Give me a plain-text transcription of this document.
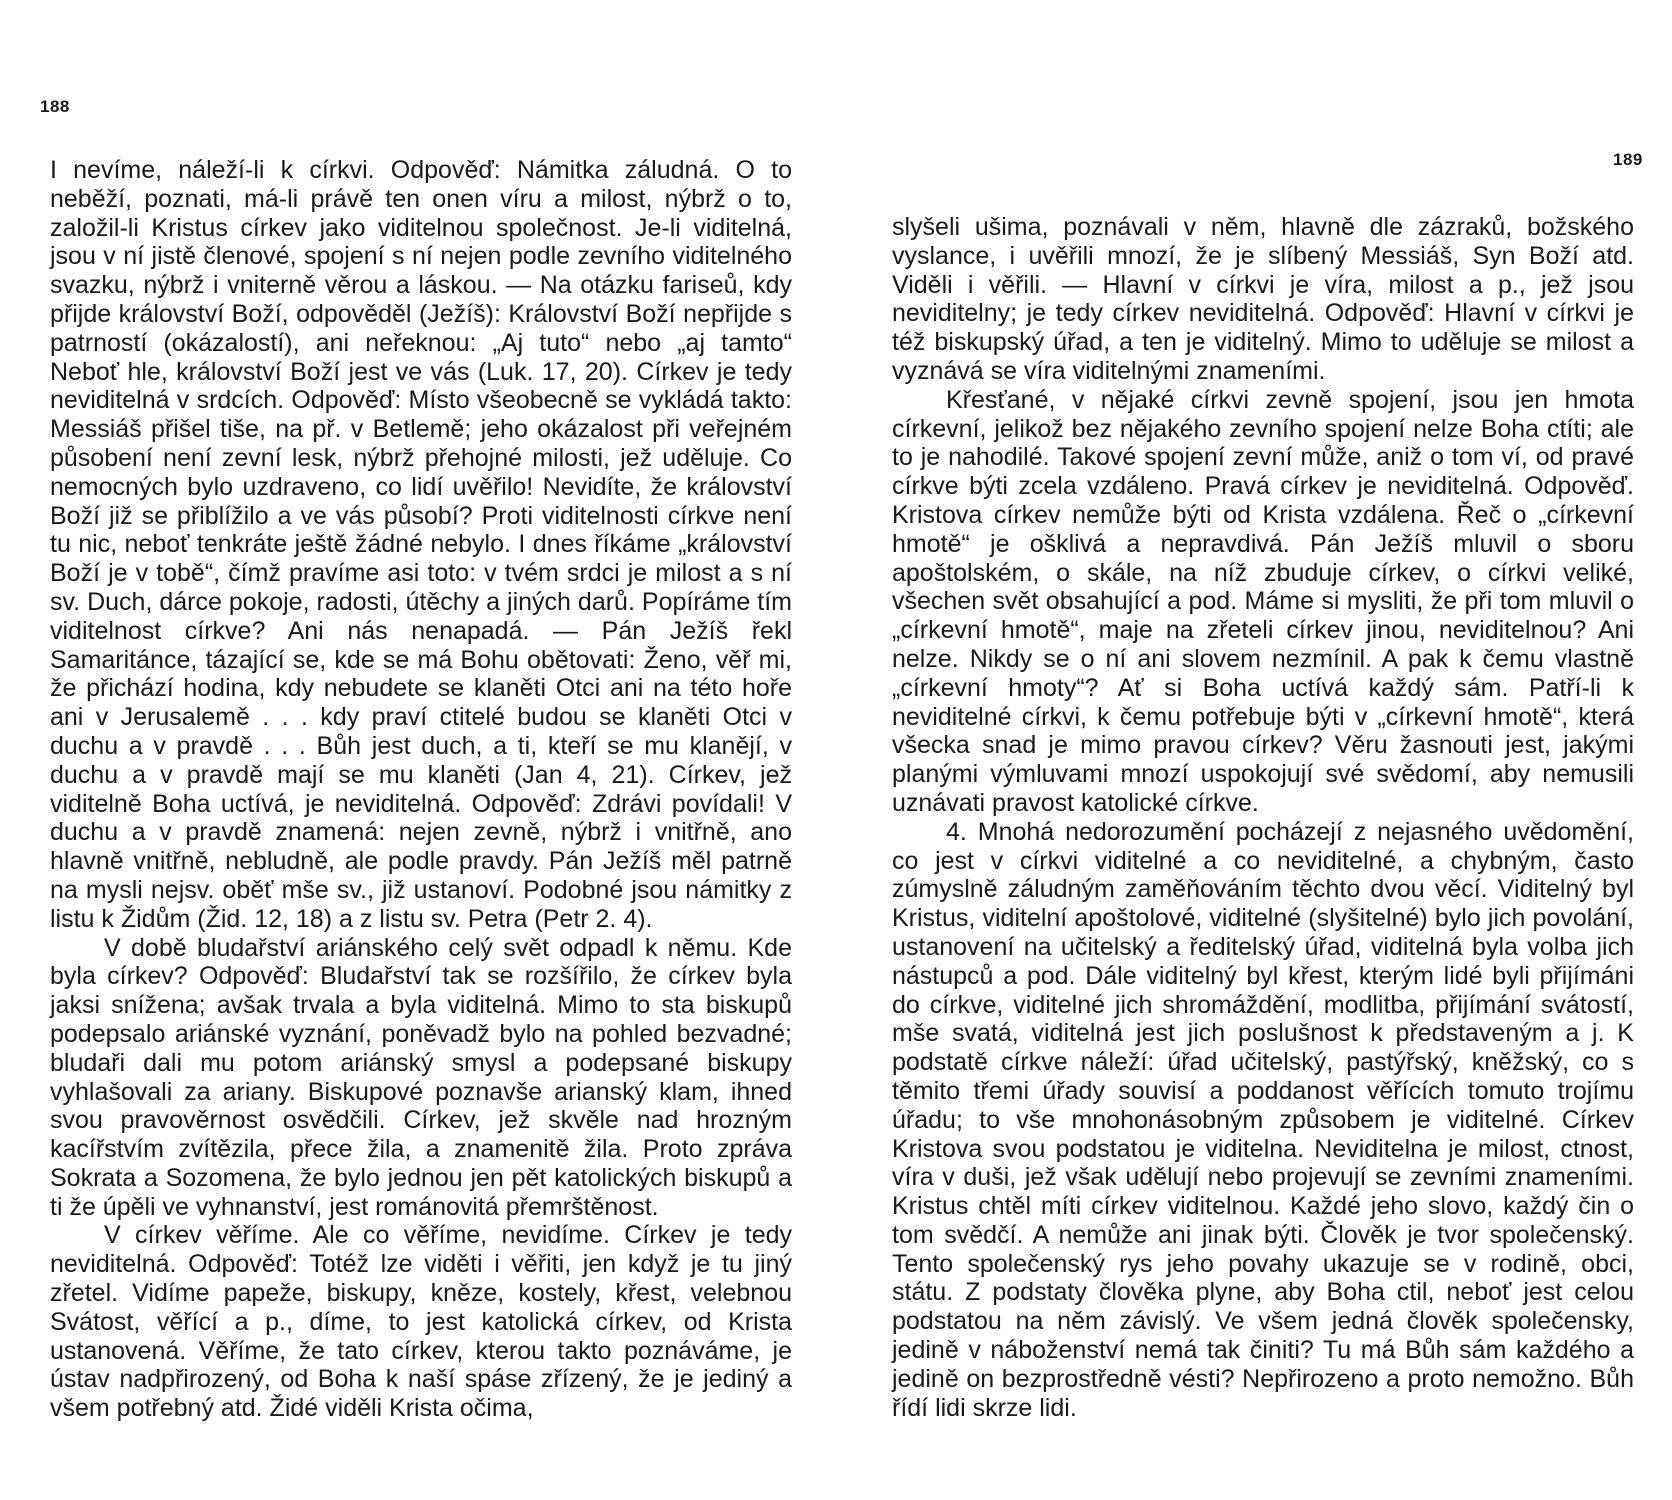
188
189

I nevíme, náleží-li k církvi. Odpověď: Námitka záludná. O to neběží, poznati, má-li právě ten onen víru a milost, nýbrž o to, založil-li Kristus církev jako viditelnou společnost. Je-li viditelná, jsou v ní jistě členové, spojení s ní nejen podle zevního viditelného svazku, nýbrž i vniterně věrou a láskou. — Na otázku fariseů, kdy přijde království Boží, odpověděl (Ježíš): Království Boží nepřijde s patrností (okázalostí), ani neřeknou: „Aj tuto“ nebo „aj tamto“ Neboť hle, království Boží jest ve vás (Luk. 17, 20). Církev je tedy neviditelná v srdcích. Odpověď: Místo všeobecně se vykládá takto: Messiáš přišel tiše, na př. v Betlemě; jeho okázalost při veřejném působení není zevní lesk, nýbrž přehojné milosti, jež uděluje. Co nemocných bylo uzdraveno, co lidí uvěřilo! Nevidíte, že království Boží již se přiblížilo a ve vás působí? Proti viditelnosti církve není tu nic, neboť tenkráte ještě žádné nebylo. I dnes říkáme „království Boží je v tobě“, čímž pravíme asi toto: v tvém srdci je milost a s ní sv. Duch, dárce pokoje, radosti, útěchy a jiných darů. Popíráme tím viditelnost církve? Ani nás nenapadá. — Pán Ježíš řekl Samaritánce, tázající se, kde se má Bohu obětovati: Ženo, věř mi, že přichází hodina, kdy nebudete se klaněti Otci ani na této hoře ani v Jerusalemě . . . kdy praví ctitelé budou se klaněti Otci v duchu a v pravdě . . . Bůh jest duch, a ti, kteří se mu klanějí, v duchu a v pravdě mají se mu klaněti (Jan 4, 21). Církev, jež viditelně Boha uctívá, je neviditelná. Odpověď: Zdrávi povídali! V duchu a v pravdě znamená: nejen zevně, nýbrž i vnitřně, ano hlavně vnitřně, nebludně, ale podle pravdy. Pán Ježíš měl patrně na mysli nejsv. oběť mše sv., již ustanoví. Podobné jsou námitky z listu k Židům (Žid. 12, 18) a z listu sv. Petra (Petr 2. 4).

V době bludařství ariánského celý svět odpadl k němu. Kde byla církev? Odpověď: Bludařství tak se rozšířilo, že církev byla jaksi snížena; avšak trvala a byla viditelná. Mimo to sta biskupů podepsalo ariánské vyznání, poněvadž bylo na pohled bezvadné; bludaři dali mu potom ariánský smysl a podepsané biskupy vyhlašovali za ariany. Biskupové poznavše arianský klam, ihned svou pravověrnost osvědčili. Církev, jež skvěle nad hrozným kacířstvím zvítězila, přece žila, a znamenitě žila. Proto zpráva Sokrata a Sozomena, že bylo jednou jen pět katolických biskupů a ti že úpěli ve vyhnanství, jest románovitá přemrštěnost.

V církev věříme. Ale co věříme, nevidíme. Církev je tedy neviditelná. Odpověď: Totéž lze viděti i věřiti, jen když je tu jiný zřetel. Vidíme papeže, biskupy, kněze, kostely, křest, velebnou Svátost, věřící a p., díme, to jest katolická církev, od Krista ustanovená. Věříme, že tato církev, kterou takto poznáváme, je ústav nadpřirozený, od Boha k naší spáse zřízený, že je jediný a všem potřebný atd. Židé viděli Krista očima,

slyšeli ušima, poznávali v něm, hlavně dle zázraků, božského vyslance, i uvěřili mnozí, že je slíbený Messiáš, Syn Boží atd. Viděli i věřili. — Hlavní v církvi je víra, milost a p., jež jsou neviditelny; je tedy církev neviditelná. Odpověď: Hlavní v církvi je též biskupský úřad, a ten je viditelný. Mimo to uděluje se milost a vyznává se víra viditelnými znameními.

Křesťané, v nějaké církvi zevně spojení, jsou jen hmota církevní, jelikož bez nějakého zevního spojení nelze Boha ctíti; ale to je nahodilé. Takové spojení zevní může, aniž o tom ví, od pravé církve býti zcela vzdáleno. Pravá církev je neviditelná. Odpověď. Kristova církev nemůže býti od Krista vzdálena. Řeč o „církevní hmotě“ je ošklivá a nepravdivá. Pán Ježíš mluvil o sboru apoštolském, o skále, na níž zbuduje církev, o církvi veliké, všechen svět obsahující a pod. Máme si mysliti, že při tom mluvil o „církevní hmotě“, maje na zřeteli církev jinou, neviditelnou? Ani nelze. Nikdy se o ní ani slovem nezmínil. A pak k čemu vlastně „církevní hmoty“? Ať si Boha uctívá každý sám. Patří-li k neviditelné církvi, k čemu potřebuje býti v „církevní hmotě“, která všecka snad je mimo pravou církev? Věru žasnouti jest, jakými planými výmluvami mnozí uspokojují své svědomí, aby nemusili uznávati pravost katolické církve.

4. Mnohá nedorozumění pocházejí z nejasného uvědomění, co jest v církvi viditelné a co neviditelné, a chybným, často zúmyslně záludným zaměňováním těchto dvou věcí. Viditelný byl Kristus, viditelní apoštolové, viditelné (slyšitelné) bylo jich povolání, ustanovení na učitelský a ředitelský úřad, viditelná byla volba jich nástupců a pod. Dále viditelný byl křest, kterým lidé byli přijímáni do církve, viditelné jich shromáždění, modlitba, přijímání svátostí, mše svatá, viditelná jest jich poslušnost k představeným a j. K podstatě církve náleží: úřad učitelský, pastýřský, kněžský, co s těmito třemi úřady souvisí a poddanost věřících tomuto trojímu úřadu; to vše mnohonásobným způsobem je viditelné. Církev Kristova svou podstatou je viditelna. Neviditelna je milost, ctnost, víra v duši, jež však udělují nebo projevují se zevními znameními. Kristus chtěl míti církev viditelnou. Každé jeho slovo, každý čin o tom svědčí. A nemůže ani jinak býti. Člověk je tvor společenský. Tento společenský rys jeho povahy ukazuje se v rodině, obci, státu. Z podstaty člověka plyne, aby Boha ctil, neboť jest celou podstatou na něm závislý. Ve všem jedná člověk společensky, jedině v náboženství nemá tak činiti? Tu má Bůh sám každého a jedině on bezprostředně vésti? Nepřirozeno a proto nemožno. Bůh řídí lidi skrze lidi.
